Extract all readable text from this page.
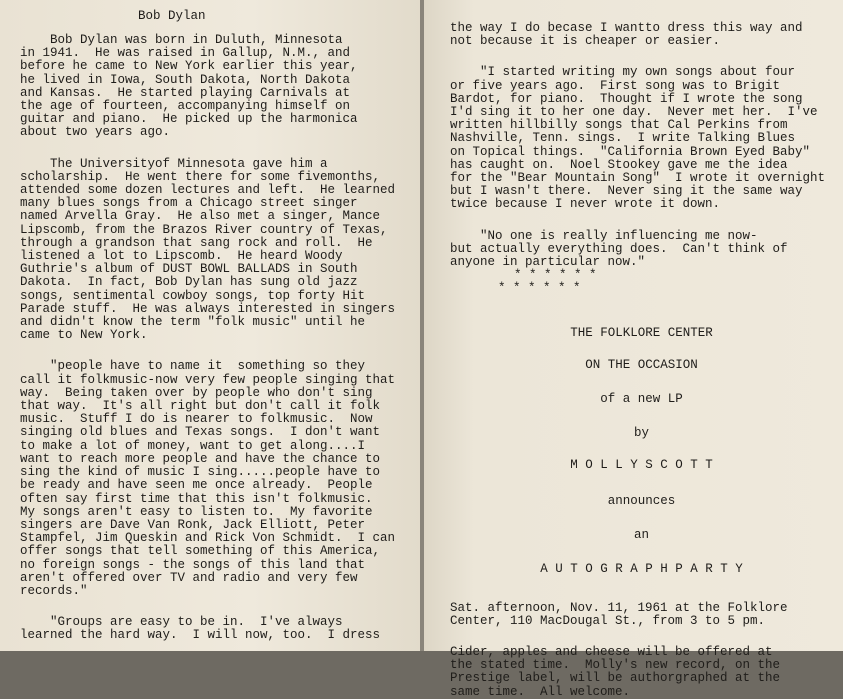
Bob Dylan
Bob Dylan was born in Duluth, Minnesota
in 1941.  He was raised in Gallup, N.M., and
before he came to New York earlier this year,
he lived in Iowa, South Dakota, North Dakota
and Kansas.  He started playing Carnivals at
the age of fourteen, accompanying himself on
guitar and piano.  He picked up the harmonica
about two years ago.
The Universityof Minnesota gave him a
scholarship.  He went there for some fivemonths,
attended some dozen lectures and left.  He learned
many blues songs from a Chicago street singer
named Arvella Gray.  He also met a singer, Mance
Lipscomb, from the Brazos River country of Texas,
through a grandson that sang rock and roll.  He
listened a lot to Lipscomb.  He heard Woody
Guthrie's album of DUST BOWL BALLADS in South
Dakota.  In fact, Bob Dylan has sung old jazz
songs, sentimental cowboy songs, top forty Hit
Parade stuff.  He was always interested in singers
and didn't know the term "folk music" until he
came to New York.
"people have to name it  something so they
call it folkmusic-now very few people singing that
way.  Being taken over by people who don't sing
that way.  It's all right but don't call it folk
music.  Stuff I do is nearer to folkmusic.  Now
singing old blues and Texas songs.  I don't want
to make a lot of money, want to get along....I
want to reach more people and have the chance to
sing the kind of music I sing.....people have to
be ready and have seen me once already.  People
often say first time that this isn't folkmusic.
My songs aren't easy to listen to.  My favorite
singers are Dave Van Ronk, Jack Elliott, Peter
Stampfel, Jim Queskin and Rick Von Schmidt.  I can
offer songs that tell something of this America,
no foreign songs - the songs of this land that
aren't offered over TV and radio and very few
records."
"Groups are easy to be in.  I've always
learned the hard way.  I will now, too.  I dress
the way I do becase I wantto dress this way and
not because it is cheaper or easier.
"I started writing my own songs about four
or five years ago.  First song was to Brigit
Bardot, for piano.  Thought if I wrote the song
I'd sing it to her one day.  Never met her.  I've
written hillbilly songs that Cal Perkins from
Nashville, Tenn. sings.  I write Talking Blues
on Topical things.  "California Brown Eyed Baby"
has caught on.  Noel Stookey gave me the idea
for the "Bear Mountain Song"  I wrote it overnight
but I wasn't there.  Never sing it the same way
twice because I never wrote it down.
"No one is really influencing me now-
but actually everything does.  Can't think of
anyone in particular now."
* * * * * *
* * * * * *
THE FOLKLORE CENTER
ON THE OCCASION
of a new LP
by
M O L L Y S C O T T
announces
an
A U T O G R A P H P A R T Y
Sat. afternoon, Nov. 11, 1961 at the Folklore
Center, 110 MacDougal St., from 3 to 5 pm.
Cider, apples and cheese will be offered at
the stated time.  Molly's new record, on the
Prestige label, will be authorgraphed at the
same time.  All welcome.
